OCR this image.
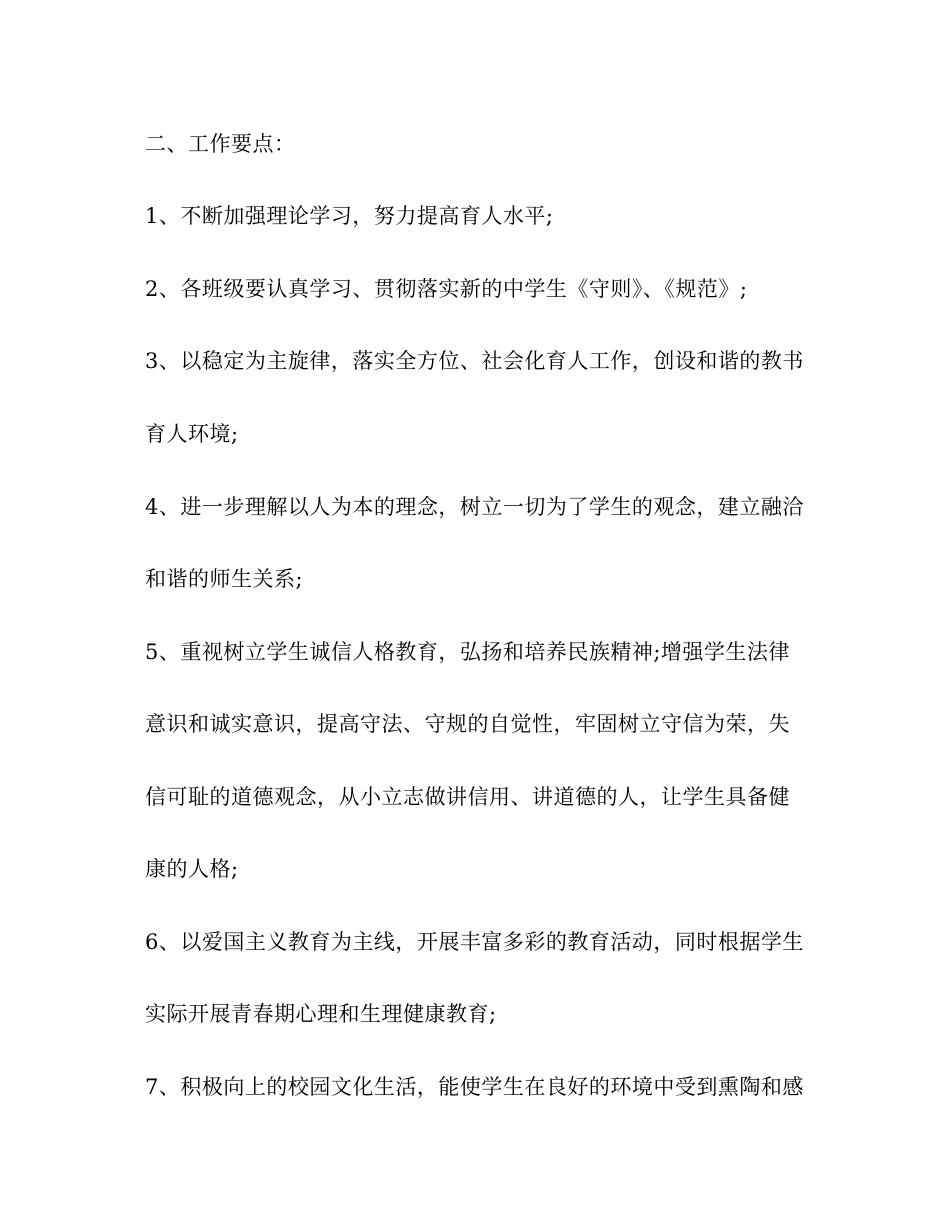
二、工作要点：
1、不断加强理论学习，努力提高育人水平;
2、各班级要认真学习、贯彻落实新的中学生《守则》、《规范》;
3、以稳定为主旋律，落实全方位、社会化育人工作，创设和谐的教书
育人环境;
4、进一步理解以人为本的理念，树立一切为了学生的观念，建立融洽
和谐的师生关系;
5、重视树立学生诚信人格教育，弘扬和培养民族精神;增强学生法律
意识和诚实意识，提高守法、守规的自觉性，牢固树立守信为荣，失
信可耻的道德观念，从小立志做讲信用、讲道德的人，让学生具备健
康的人格;
6、以爱国主义教育为主线，开展丰富多彩的教育活动，同时根据学生
实际开展青春期心理和生理健康教育;
7、积极向上的校园文化生活，能使学生在良好的环境中受到熏陶和感
